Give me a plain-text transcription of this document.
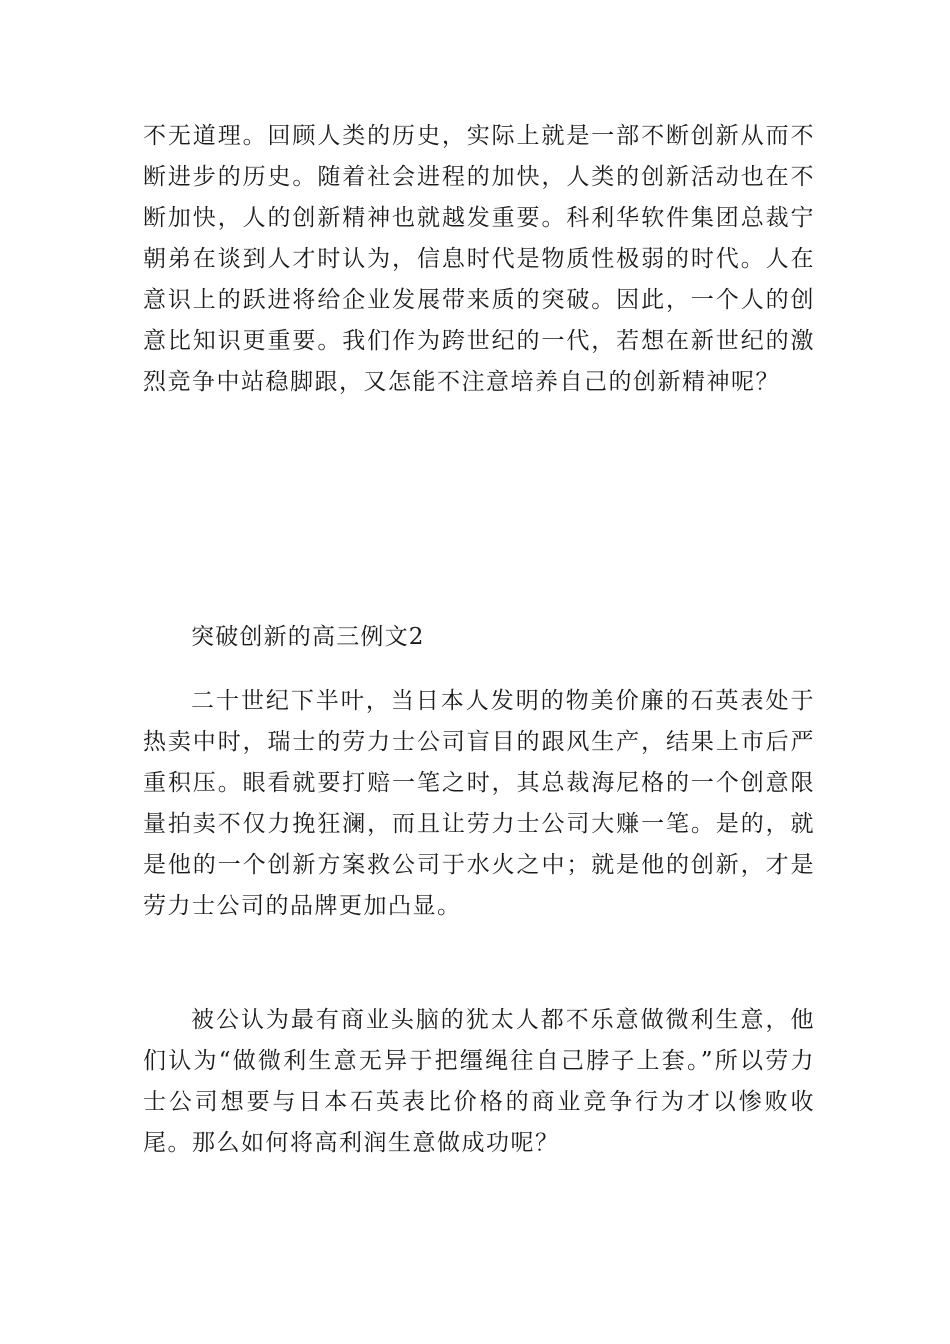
不无道理。回顾人类的历史，实际上就是一部不断创新从而不断进步的历史。随着社会进程的加快，人类的创新活动也在不断加快，人的创新精神也就越发重要。科利华软件集团总裁宁朝弟在谈到人才时认为，信息时代是物质性极弱的时代。人在意识上的跃进将给企业发展带来质的突破。因此，一个人的创意比知识更重要。我们作为跨世纪的一代，若想在新世纪的激烈竞争中站稳脚跟，又怎能不注意培养自己的创新精神呢？

突破创新的高三例文2

二十世纪下半叶，当日本人发明的物美价廉的石英表处于热卖中时，瑞士的劳力士公司盲目的跟风生产，结果上市后严重积压。眼看就要打赔一笔之时，其总裁海尼格的一个创意限量拍卖不仅力挽狂澜，而且让劳力士公司大赚一笔。是的，就是他的一个创新方案救公司于水火之中；就是他的创新，才是劳力士公司的品牌更加凸显。

被公认为最有商业头脑的犹太人都不乐意做微利生意，他们认为“做微利生意无异于把缰绳往自己脖子上套。”所以劳力士公司想要与日本石英表比价格的商业竞争行为才以惨败收尾。那么如何将高利润生意做成功呢？
